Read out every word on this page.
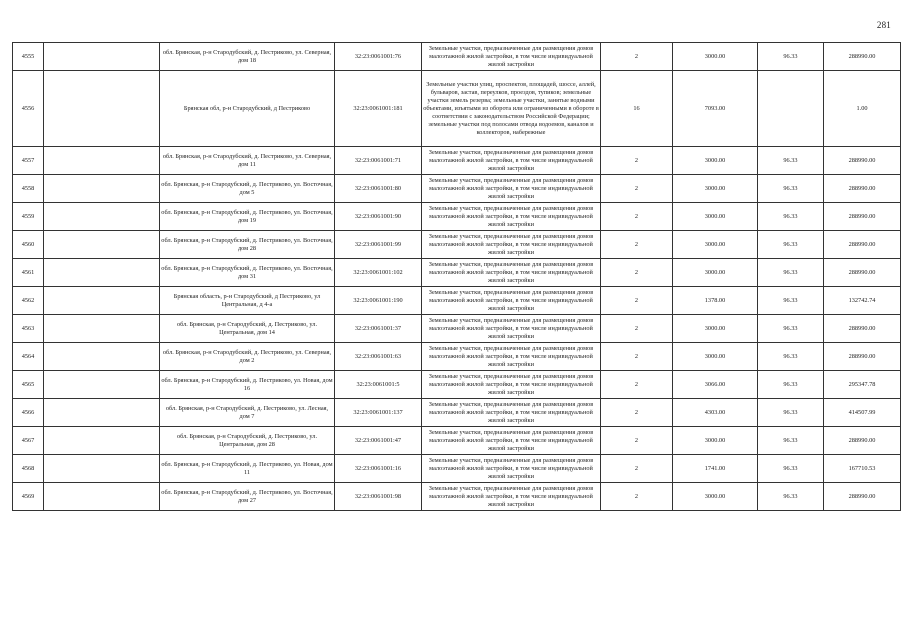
281
4555		обл. Брянская, р-н Стародубский, д. Пестриково, ул. Северная, дом 18	32:23:0061001:76	Земельные участки, предназначенные для размещения домов малоэтажной жилой застройки, в том числе индивидуальной жилой застройки	2	3000.00	96.33	288990.00
4556		Брянская обл, р-н Стародубский, д Пестриково	32:23:0061001:181	Земельные участки улиц, проспектов, площадей, шоссе, аллей, бульваров, застав, переулков, проездов, тупиков; земельные участки земель резерва; земельные участки, занятые водными объектами, изъятыми из оборота или ограниченными в обороте в соответствии с законодательством Российской Федерации; земельные участки под полосами отвода водоемов, каналов и коллекторов, набережные	16	7093.00		1.00
4557		обл. Брянская, р-н Стародубский, д. Пестриково, ул. Северная, дом 11	32:23:0061001:71	Земельные участки, предназначенные для размещения домов малоэтажной жилой застройки, в том числе индивидуальной жилой застройки	2	3000.00	96.33	288990.00
4558		обл. Брянская, р-н Стародубский, д. Пестриково, ул. Восточная, дом 5	32:23:0061001:80	Земельные участки, предназначенные для размещения домов малоэтажной жилой застройки, в том числе индивидуальной жилой застройки	2	3000.00	96.33	288990.00
4559		обл. Брянская, р-н Стародубский, д. Пестриково, ул. Восточная, дом 19	32:23:0061001:90	Земельные участки, предназначенные для размещения домов малоэтажной жилой застройки, в том числе индивидуальной жилой застройки	2	3000.00	96.33	288990.00
4560		обл. Брянская, р-н Стародубский, д. Пестриково, ул. Восточная, дом 28	32:23:0061001:99	Земельные участки, предназначенные для размещения домов малоэтажной жилой застройки, в том числе индивидуальной жилой застройки	2	3000.00	96.33	288990.00
4561		обл. Брянская, р-н Стародубский, д. Пестриково, ул. Восточная, дом 31	32:23:0061001:102	Земельные участки, предназначенные для размещения домов малоэтажной жилой застройки, в том числе индивидуальной жилой застройки	2	3000.00	96.33	288990.00
4562		Брянская область, р-н Стародубский, д Пестриково, ул Центральная, д 4-а	32:23:0061001:190	Земельные участки, предназначенные для размещения домов малоэтажной жилой застройки, в том числе индивидуальной жилой застройки	2	1378.00	96.33	132742.74
4563		обл. Брянская, р-н Стародубский, д. Пестриково, ул. Центральная, дом 14	32:23:0061001:37	Земельные участки, предназначенные для размещения домов малоэтажной жилой застройки, в том числе индивидуальной жилой застройки	2	3000.00	96.33	288990.00
4564		обл. Брянская, р-н Стародубский, д. Пестриково, ул. Северная, дом 2	32:23:0061001:63	Земельные участки, предназначенные для размещения домов малоэтажной жилой застройки, в том числе индивидуальной жилой застройки	2	3000.00	96.33	288990.00
4565		обл. Брянская, р-н Стародубский, д. Пестриково, ул. Новая, дом 16	32:23:0061001:5	Земельные участки, предназначенные для размещения домов малоэтажной жилой застройки, в том числе индивидуальной жилой застройки	2	3066.00	96.33	295347.78
4566		обл. Брянская, р-н Стародубский, д. Пестриково, ул. Лесная, дом 7	32:23:0061001:137	Земельные участки, предназначенные для размещения домов малоэтажной жилой застройки, в том числе индивидуальной жилой застройки	2	4303.00	96.33	414507.99
4567		обл. Брянская, р-н Стародубский, д. Пестриково, ул. Центральная, дом 28	32:23:0061001:47	Земельные участки, предназначенные для размещения домов малоэтажной жилой застройки, в том числе индивидуальной жилой застройки	2	3000.00	96.33	288990.00
4568		обл. Брянская, р-н Стародубский, д. Пестриково, ул. Новая, дом 11	32:23:0061001:16	Земельные участки, предназначенные для размещения домов малоэтажной жилой застройки, в том числе индивидуальной жилой застройки	2	1741.00	96.33	167710.53
4569		обл. Брянская, р-н Стародубский, д. Пестриково, ул. Восточная, дом 27	32:23:0061001:98	Земельные участки, предназначенные для размещения домов малоэтажной жилой застройки, в том числе индивидуальной жилой застройки	2	3000.00	96.33	288990.00
